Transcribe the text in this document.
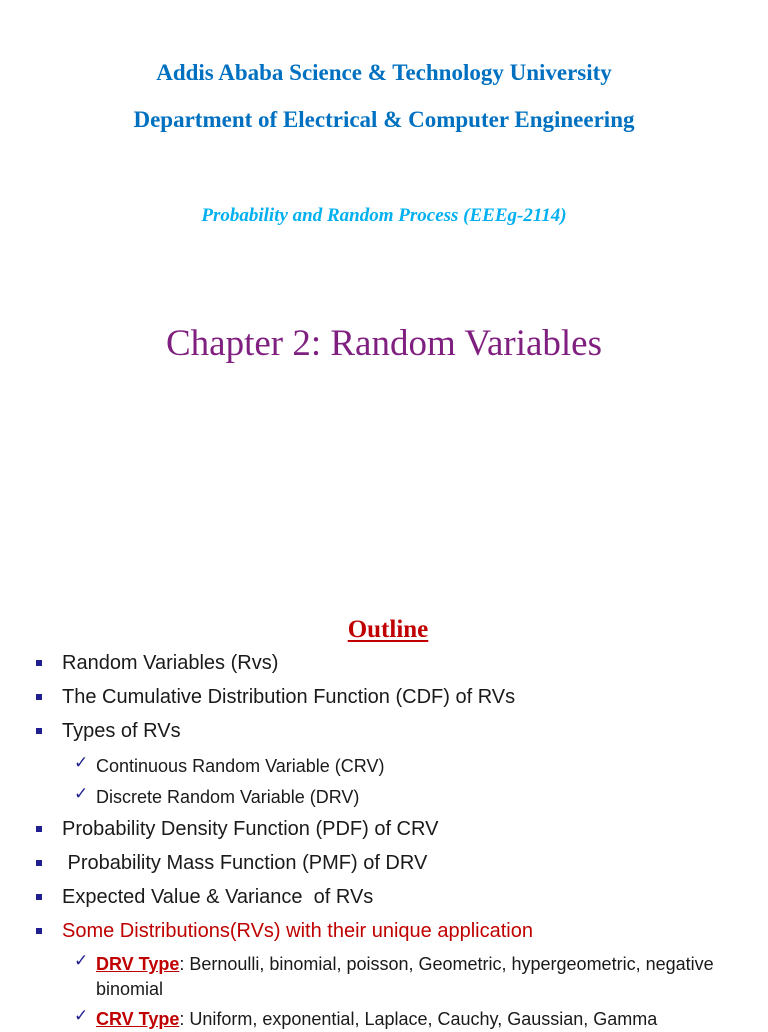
Addis Ababa Science & Technology University
Department of Electrical & Computer Engineering
Probability and Random Process (EEEg-2114)
Chapter 2: Random Variables
Outline
Random Variables (Rvs)
The Cumulative Distribution Function (CDF) of RVs
Types of RVs
✓ Continuous Random Variable (CRV)
✓ Discrete Random Variable (DRV)
Probability Density Function (PDF) of CRV
Probability Mass Function (PMF) of DRV
Expected Value & Variance  of RVs
Some Distributions(RVs) with their unique application
✓ DRV Type: Bernoulli, binomial, poisson, Geometric, hypergeometric, negative binomial
✓ CRV Type: Uniform, exponential, Laplace, Cauchy, Gaussian, Gamma
